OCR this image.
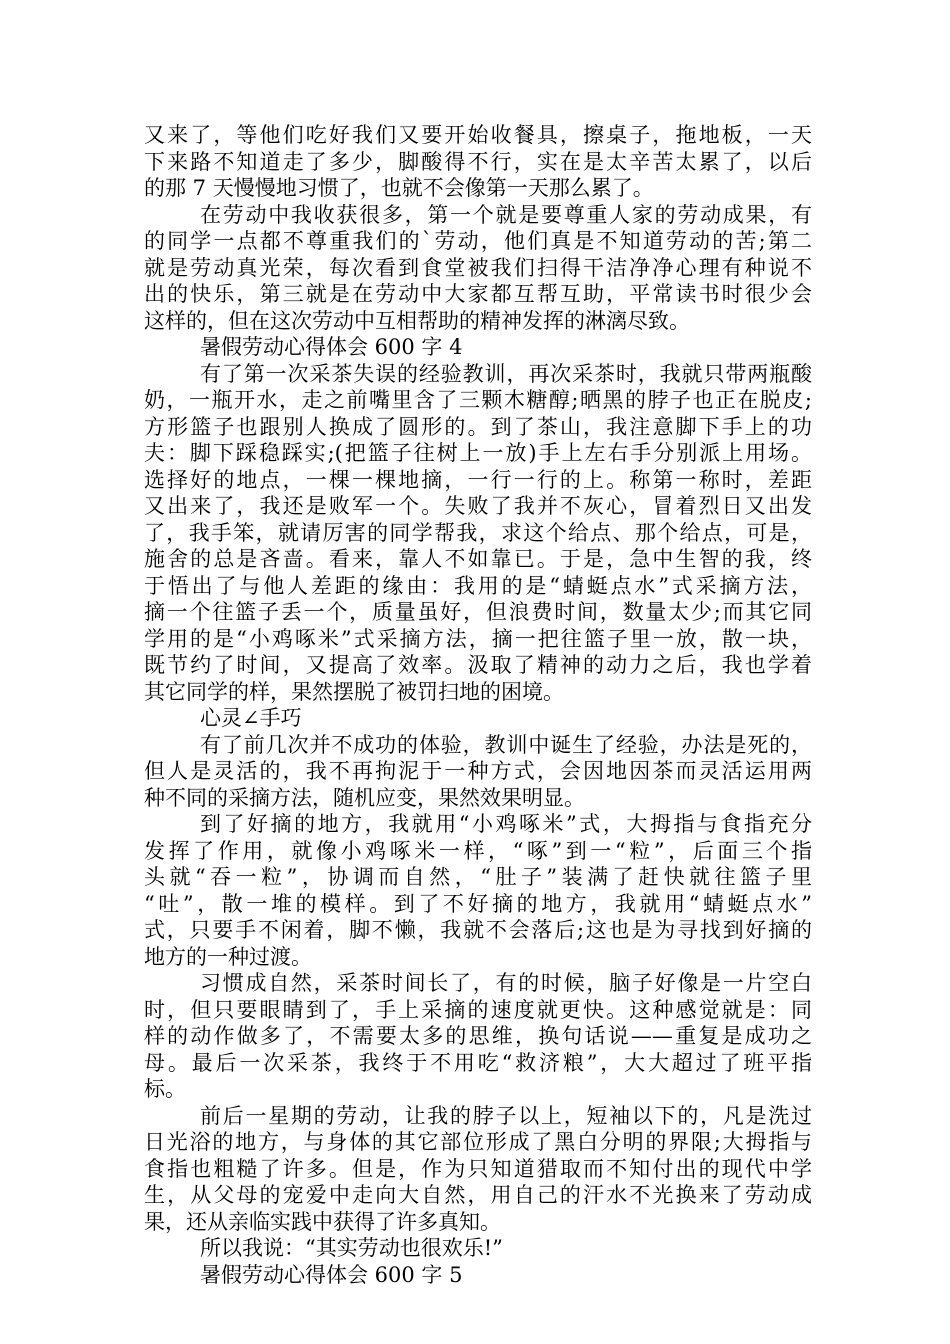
又来了，等他们吃好我们又要开始收餐具，擦桌子，拖地板，一天
下来路不知道走了多少，脚酸得不行，实在是太辛苦太累了，以后
的那 7 天慢慢地习惯了，也就不会像第一天那么累了。
在劳动中我收获很多，第一个就是要尊重人家的劳动成果，有
的同学一点都不尊重我们的`劳动，他们真是不知道劳动的苦;第二
就是劳动真光荣，每次看到食堂被我们扫得干洁净净心理有种说不
出的快乐，第三就是在劳动中大家都互帮互助，平常读书时很少会
这样的，但在这次劳动中互相帮助的精神发挥的淋漓尽致。
暑假劳动心得体会 600 字 4
有了第一次采茶失误的经验教训，再次采茶时，我就只带两瓶酸
奶，一瓶开水，走之前嘴里含了三颗木糖醇;晒黑的脖子也正在脱皮;
方形篮子也跟别人换成了圆形的。到了茶山，我注意脚下手上的功
夫：脚下踩稳踩实;(把篮子往树上一放)手上左右手分别派上用场。
选择好的地点，一棵一棵地摘，一行一行的上。称第一称时，差距
又出来了，我还是败军一个。失败了我并不灰心，冒着烈日又出发
了，我手笨，就请厉害的同学帮我，求这个给点、那个给点，可是，
施舍的总是吝啬。看来，靠人不如靠已。于是，急中生智的我，终
于悟出了与他人差距的缘由：我用的是“蜻蜓点水”式采摘方法，
摘一个往篮子丢一个，质量虽好，但浪费时间，数量太少;而其它同
学用的是“小鸡啄米”式采摘方法，摘一把往篮子里一放，散一块，
既节约了时间，又提高了效率。汲取了精神的动力之后，我也学着
其它同学的样，果然摆脱了被罚扫地的困境。
心灵∠手巧
有了前几次并不成功的体验，教训中诞生了经验，办法是死的，
但人是灵活的，我不再拘泥于一种方式，会因地因茶而灵活运用两
种不同的采摘方法，随机应变，果然效果明显。
到了好摘的地方，我就用“小鸡啄米”式，大拇指与食指充分
发挥了作用，就像小鸡啄米一样，“啄”到一“粒”，后面三个指
头就“吞一粒”，协调而自然，“肚子”装满了赶快就往篮子里
“吐”，散一堆的模样。到了不好摘的地方，我就用“蜻蜓点水”
式，只要手不闲着，脚不懒，我就不会落后;这也是为寻找到好摘的
地方的一种过渡。
习惯成自然，采茶时间长了，有的时候，脑子好像是一片空白
时，但只要眼睛到了，手上采摘的速度就更快。这种感觉就是：同
样的动作做多了，不需要太多的思维，换句话说——重复是成功之
母。最后一次采茶，我终于不用吃“救济粮”，大大超过了班平指
标。
前后一星期的劳动，让我的脖子以上，短袖以下的，凡是洗过
日光浴的地方，与身体的其它部位形成了黑白分明的界限;大拇指与
食指也粗糙了许多。但是，作为只知道猎取而不知付出的现代中学
生，从父母的宠爱中走向大自然，用自己的汗水不光换来了劳动成
果，还从亲临实践中获得了许多真知。
所以我说：“其实劳动也很欢乐!”
暑假劳动心得体会 600 字 5
